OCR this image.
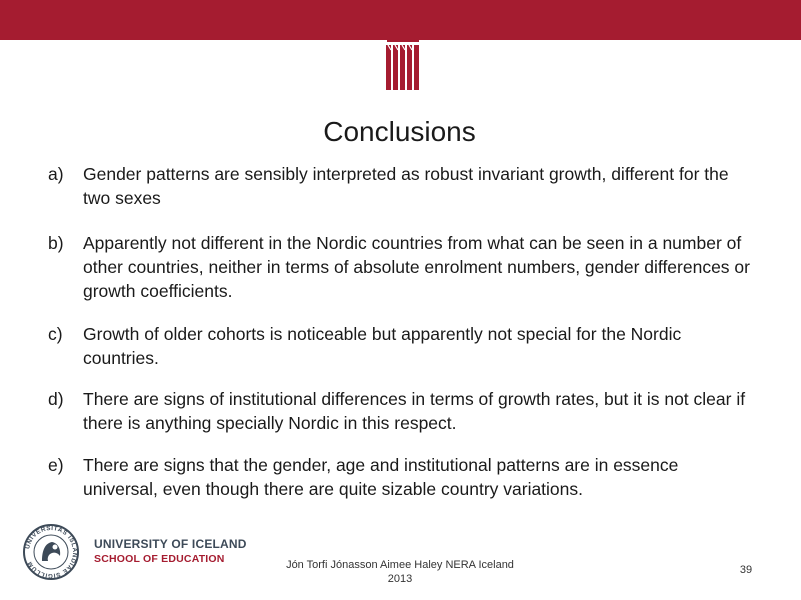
Conclusions
a) Gender patterns are sensibly interpreted as robust invariant growth, different for the two sexes
b) Apparently not different in the Nordic countries from what can be seen in a number of other countries, neither in terms of absolute enrolment numbers, gender differences or growth coefficients.
c) Growth of older cohorts is noticeable but apparently not special for the Nordic countries.
d) There are signs of institutional differences in terms of growth rates, but it is not clear if there is anything specially Nordic in this respect.
e) There are signs that the gender, age and institutional patterns are in essence universal, even though there are quite sizable country variations.
UNIVERSITAS ISLANDIAE SIGILLUM
UNIVERSITY OF ICELAND
SCHOOL OF EDUCATION	Jón Torfi Jónasson Aimee Haley NERA Iceland
2013
39
